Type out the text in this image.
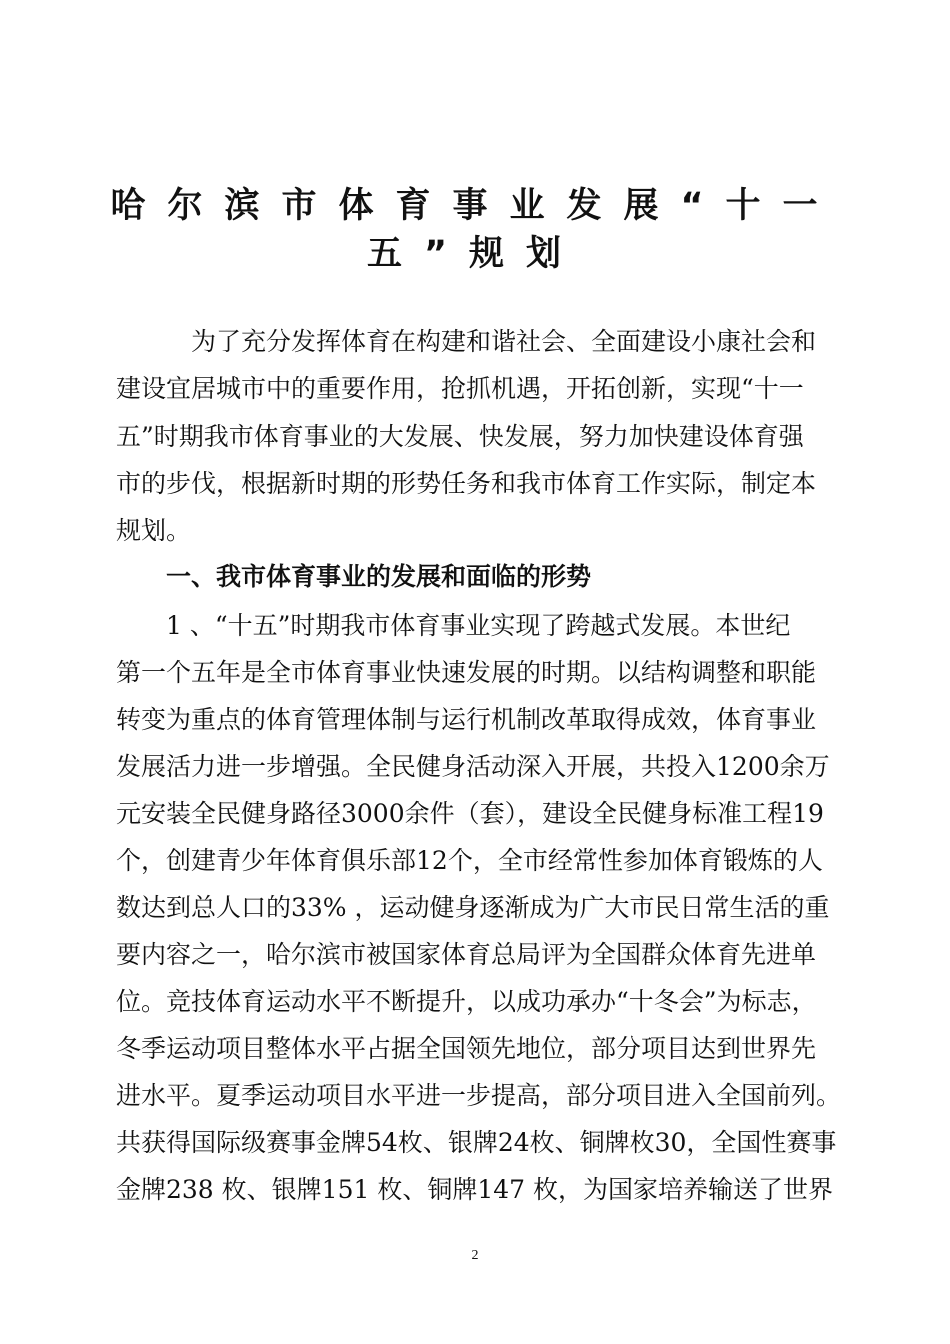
哈尔滨市体育事业发展“十一
五”规划
为了充分发挥体育在构建和谐社会、全面建设小康社会和
建设宜居城市中的重要作用，抢抓机遇，开拓创新，实现“十一
五”时期我市体育事业的大发展、快发展，努力加快建设体育强
市的步伐，根据新时期的形势任务和我市体育工作实际，制定本
规划。
一、我市体育事业的发展和面临的形势
1 、“十五”时期我市体育事业实现了跨越式发展。本世纪
第一个五年是全市体育事业快速发展的时期。以结构调整和职能
转变为重点的体育管理体制与运行机制改革取得成效，体育事业
发展活力进一步增强。全民健身活动深入开展，共投入1200余万
元安装全民健身路径3000余件（套），建设全民健身标准工程19
个，创建青少年体育俱乐部12个，全市经常性参加体育锻炼的人
数达到总人口的33% ，运动健身逐渐成为广大市民日常生活的重
要内容之一，哈尔滨市被国家体育总局评为全国群众体育先进单
位。竞技体育运动水平不断提升，以成功承办“十冬会”为标志，
冬季运动项目整体水平占据全国领先地位，部分项目达到世界先
进水平。夏季运动项目水平进一步提高，部分项目进入全国前列。
共获得国际级赛事金牌54枚、银牌24枚、铜牌枚30，全国性赛事
金牌238 枚、银牌151 枚、铜牌147 枚，为国家培养输送了世界
2
